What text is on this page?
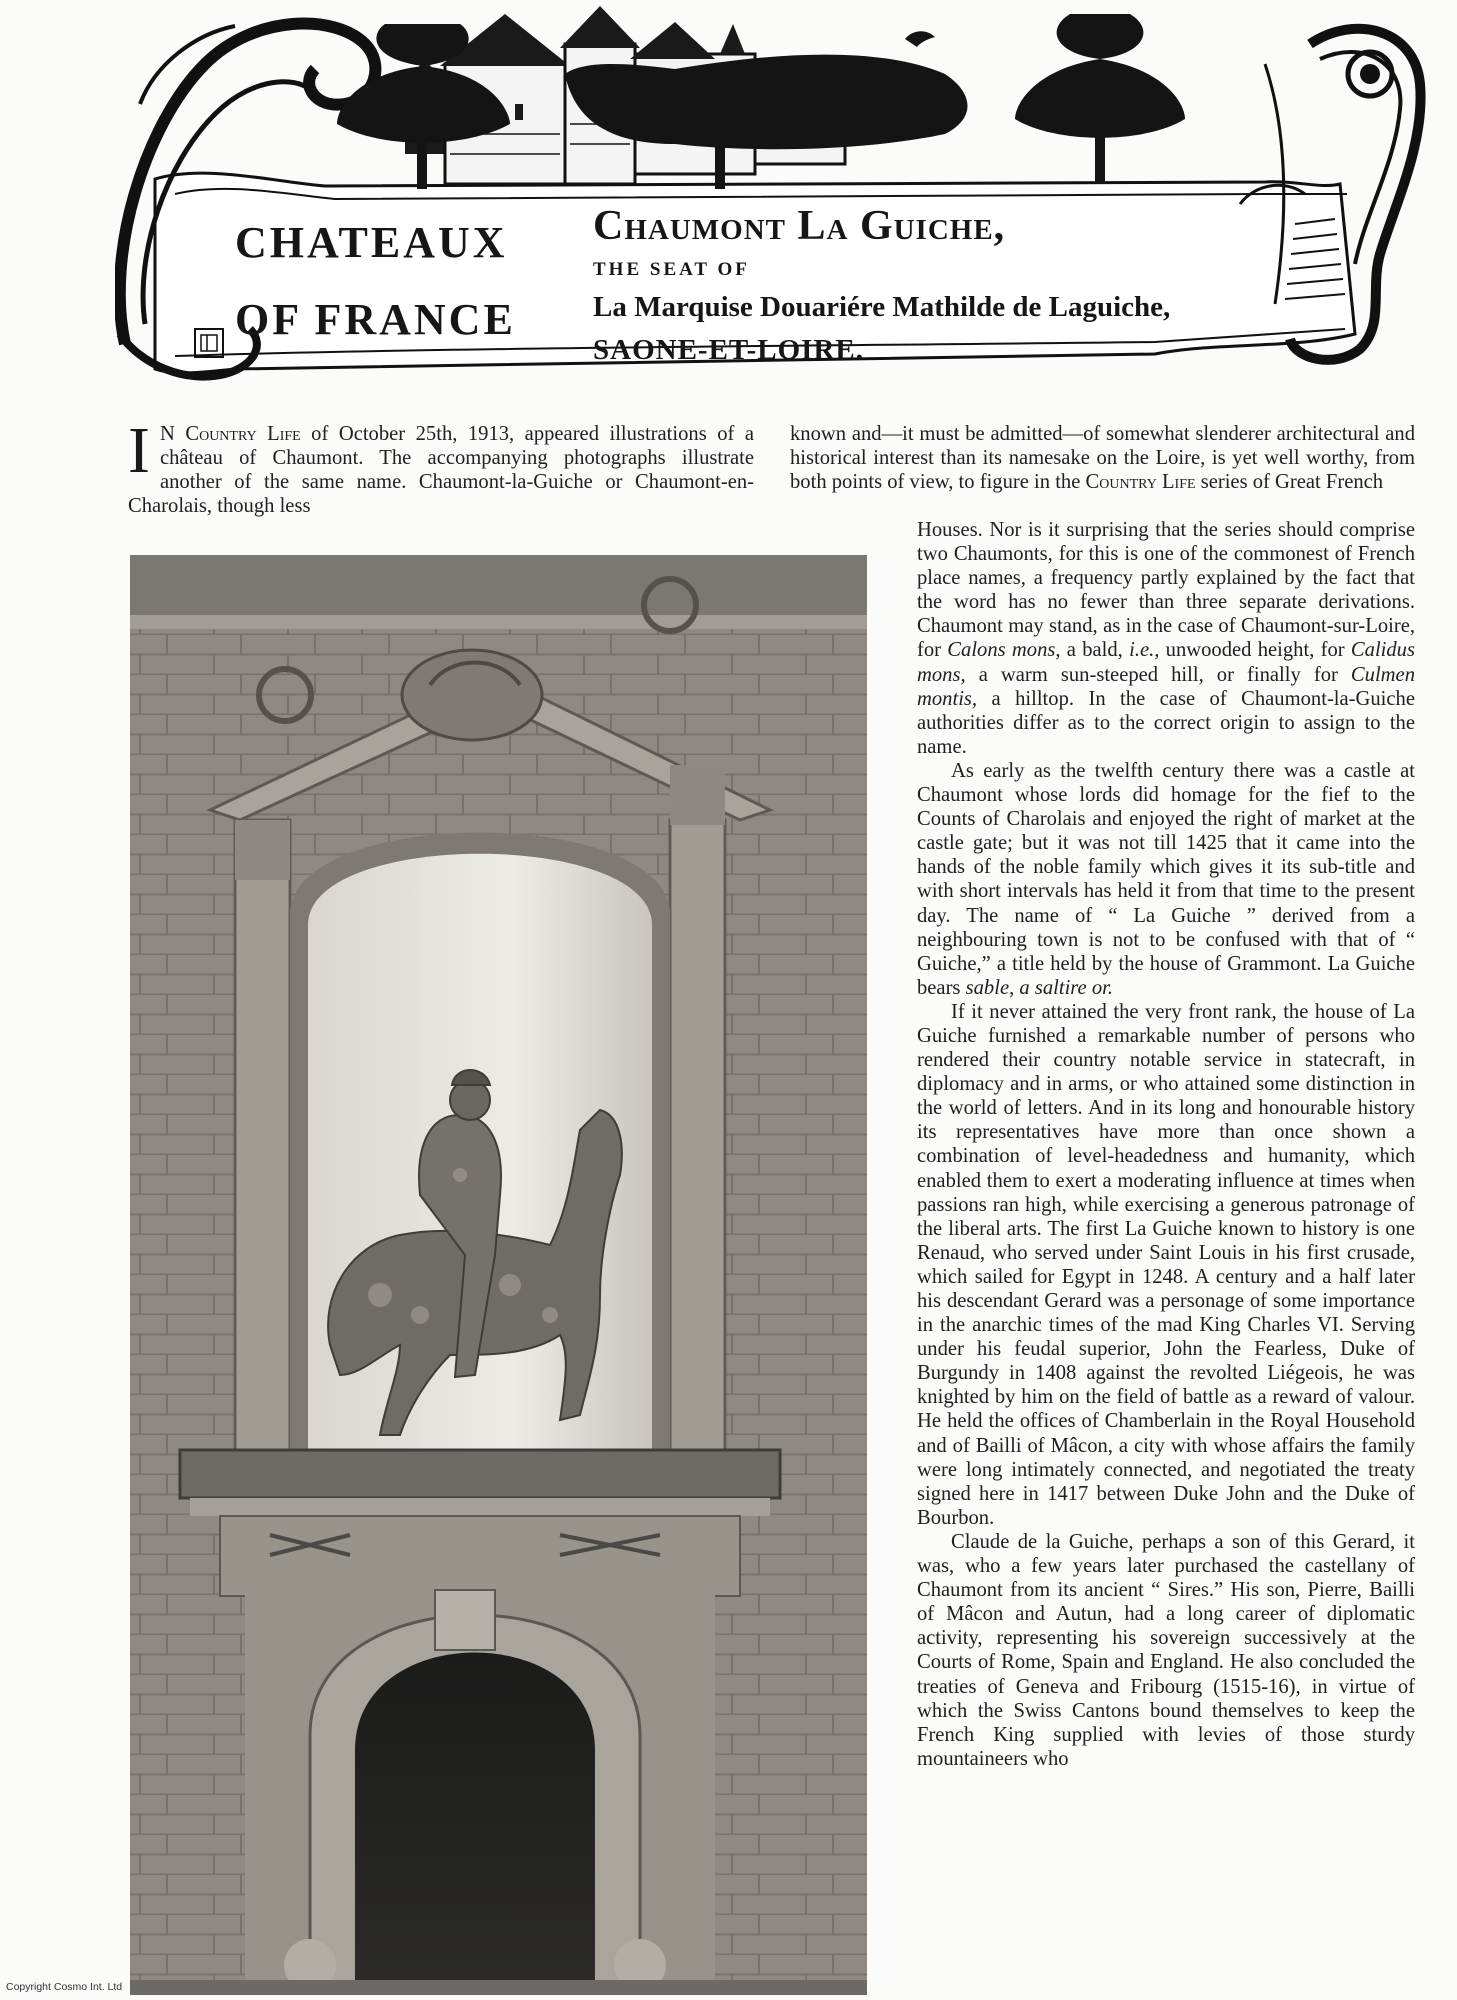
CHATEAUX
OF FRANCE
Chaumont La Guiche,
THE SEAT OF
La Marquise Douariére Mathilde de Laguiche,
SAONE-ET-LOIRE.
I N Country Life of October 25th, 1913, appeared illustrations of a château of Chaumont. The accompanying photographs illustrate another of the same name. Chaumont-la-Guiche or Chaumont-en-Charolais, though less
known and—it must be admitted—of somewhat slenderer architectural and historical interest than its namesake on the Loire, is yet well worthy, from both points of view, to figure in the Country Life series of Great French

Houses. Nor is it surprising that the series should comprise two Chaumonts, for this is one of the commonest of French place names, a frequency partly explained by the fact that the word has no fewer than three separate derivations. Chaumont may stand, as in the case of Chaumont-sur-Loire, for Calons mons, a bald, i.e., unwooded height, for Calidus mons, a warm sun-steeped hill, or finally for Culmen montis, a hilltop. In the case of Chaumont-la-Guiche authorities differ as to the correct origin to assign to the name.

As early as the twelfth century there was a castle at Chaumont whose lords did homage for the fief to the Counts of Charolais and enjoyed the right of market at the castle gate; but it was not till 1425 that it came into the hands of the noble family which gives it its sub-title and with short intervals has held it from that time to the present day. The name of “ La Guiche ” derived from a neighbouring town is not to be confused with that of “ Guiche,” a title held by the house of Grammont. La Guiche bears sable, a saltire or.

If it never attained the very front rank, the house of La Guiche furnished a remarkable number of persons who rendered their country notable service in statecraft, in diplomacy and in arms, or who attained some distinction in the world of letters. And in its long and honourable history its representatives have more than once shown a combination of level-headedness and humanity, which enabled them to exert a moderating influence at times when passions ran high, while exercising a generous patronage of the liberal arts. The first La Guiche known to history is one Renaud, who served under Saint Louis in his first crusade, which sailed for Egypt in 1248. A century and a half later his descendant Gerard was a personage of some importance in the anarchic times of the mad King Charles VI. Serving under his feudal superior, John the Fearless, Duke of Burgundy in 1408 against the revolted Liégeois, he was knighted by him on the field of battle as a reward of valour. He held the offices of Chamberlain in the Royal Household and of Bailli of Mâcon, a city with whose affairs the family were long intimately connected, and negotiated the treaty signed here in 1417 between Duke John and the Duke of Bourbon.

Claude de la Guiche, perhaps a son of this Gerard, it was, who a few years later purchased the castellany of Chaumont from its ancient “ Sires.” His son, Pierre, Bailli of Mâcon and Autun, had a long career of diplomatic activity, representing his sovereign successively at the Courts of Rome, Spain and England. He also concluded the treaties of Geneva and Fribourg (1515-16), in virtue of which the Swiss Cantons bound themselves to keep the French King supplied with levies of those sturdy mountaineers who

Copyright Cosmo Int. Ltd
